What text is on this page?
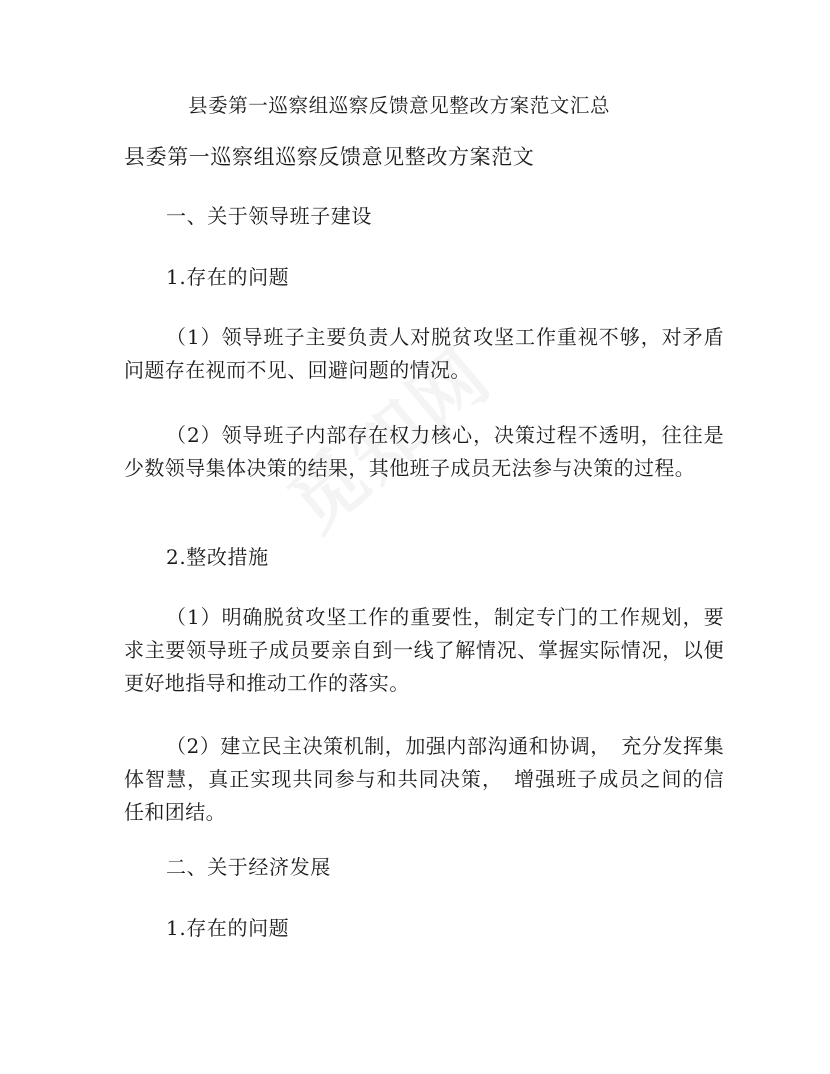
县委第一巡察组巡察反馈意见整改方案范文汇总
县委第一巡察组巡察反馈意见整改方案范文
一、关于领导班子建设
1.存在的问题

（1）领导班子主要负责人对脱贫攻坚工作重视不够，对矛盾问题存在视而不见、回避问题的情况。

（2）领导班子内部存在权力核心，决策过程不透明，往往是少数领导集体决策的结果，其他班子成员无法参与决策的过程。

2.整改措施

（1）明确脱贫攻坚工作的重要性，制定专门的工作规划，要求主要领导班子成员要亲自到一线了解情况、掌握实际情况，以便更好地指导和推动工作的落实。

（2）建立民主决策机制，加强内部沟通和协调，　充分发挥集体智慧，真正实现共同参与和共同决策，　增强班子成员之间的信任和团结。

二、关于经济发展
1.存在的问题
